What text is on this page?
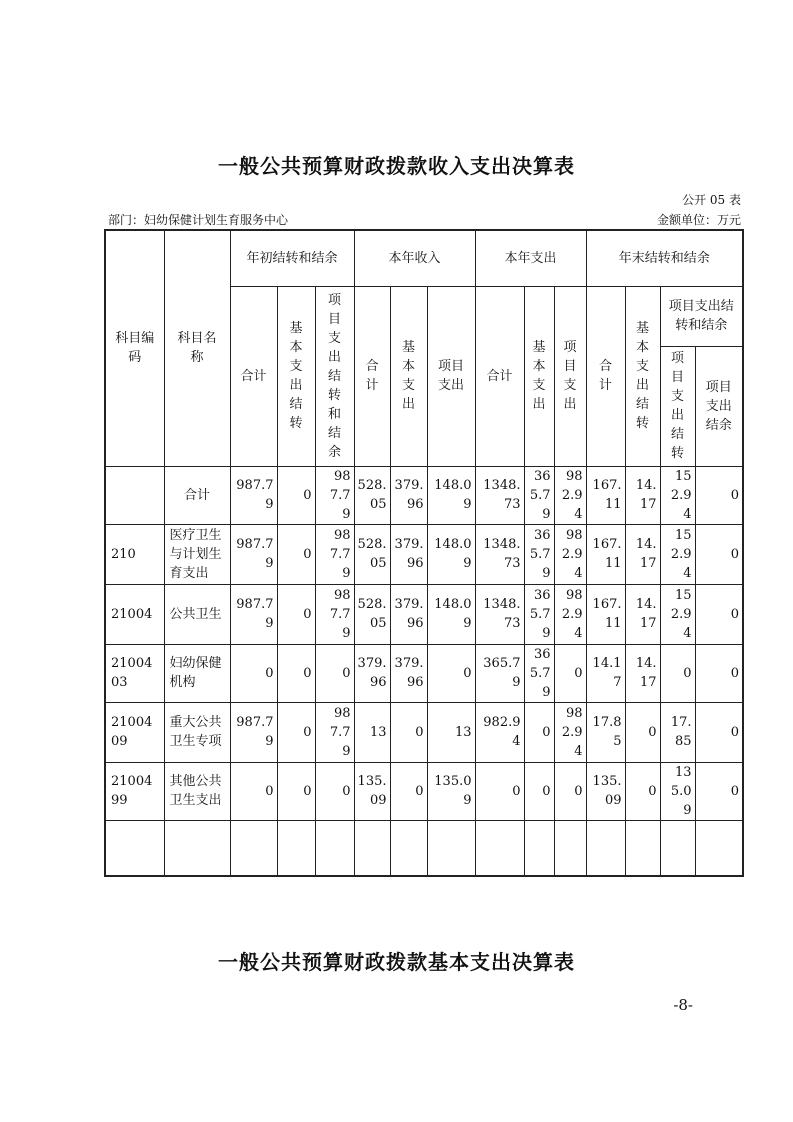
一般公共预算财政拨款收入支出决算表
公开 05 表
部门：妇幼保健计划生育服务中心	金额单位：万元
科目编码	科目名称	年初结转和结余			本年收入			本年支出			年末结转和结余			
		合计	基本支出结转	项目支出结转和结余	合计	基本支出	项目支出	合计	基本支出	项目支出	合计	基本支出结转	项目支出结转和结余	
													项目支出结转	项目支出结余
	合计	987.79	0	987.79	528.05	379.96	148.09	1348.73	365.79	982.94	167.11	14.17	152.94	0
210	医疗卫生与计划生育支出	987.79	0	987.79	528.05	379.96	148.09	1348.73	365.79	982.94	167.11	14.17	152.94	0
21004	公共卫生	987.79	0	987.79	528.05	379.96	148.09	1348.73	365.79	982.94	167.11	14.17	152.94	0
2100403	妇幼保健机构	0	0	0	379.96	379.96	0	365.79	365.79	0	14.17	14.17	0	0
2100409	重大公共卫生专项	987.79	0	987.79	13	0	13	982.94	0	982.94	17.85	0	17.85	0
2100499	其他公共卫生支出	0	0	0	135.09	0	135.09	0	0	0	135.09	0	135.09	0

一般公共预算财政拨款基本支出决算表
-8-
